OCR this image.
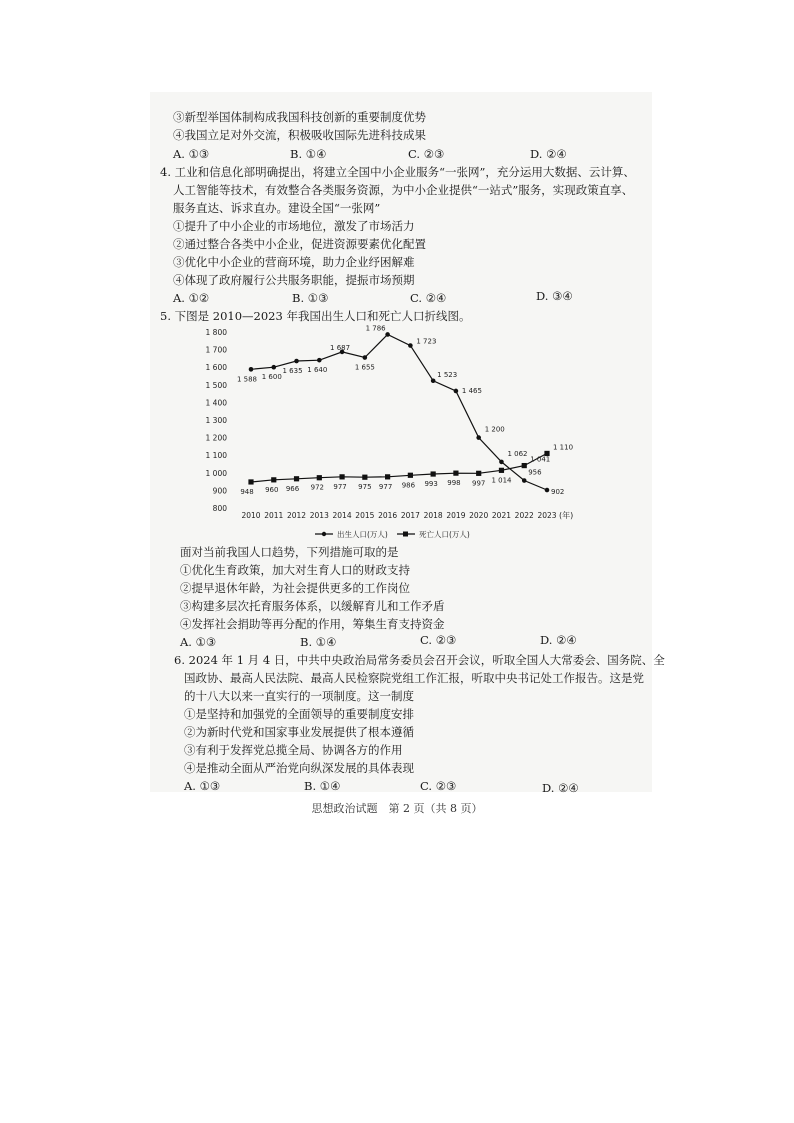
③新型举国体制构成我国科技创新的重要制度优势
④我国立足对外交流，积极吸收国际先进科技成果
A. ①③	B. ①④	C. ②③	D. ②④
4. 工业和信息化部明确提出，将建立全国中小企业服务“一张网”，充分运用大数据、云计算、
人工智能等技术，有效整合各类服务资源，为中小企业提供“一站式”服务，实现政策直享、
服务直达、诉求直办。建设全国“一张网”
①提升了中小企业的市场地位，激发了市场活力
②通过整合各类中小企业，促进资源要素优化配置
③优化中小企业的营商环境，助力企业纾困解难
④体现了政府履行公共服务职能，提振市场预期
A. ①②	B. ①③	C. ②④	D. ③④
5. 下图是 2010—2023 年我国出生人口和死亡人口折线图。
面对当前我国人口趋势，下列措施可取的是
①优化生育政策，加大对生育人口的财政支持
②提早退休年龄，为社会提供更多的工作岗位
③构建多层次托育服务体系，以缓解育儿和工作矛盾
④发挥社会捐助等再分配的作用，筹集生育支持资金
A. ①③	B. ①④	C. ②③	D. ②④
6. 2024 年 1 月 4 日，中共中央政治局常务委员会召开会议，听取全国人大常委会、国务院、全
国政协、最高人民法院、最高人民检察院党组工作汇报，听取中央书记处工作报告。这是党
的十八大以来一直实行的一项制度。这一制度
①是坚持和加强党的全面领导的重要制度安排
②为新时代党和国家事业发展提供了根本遵循
③有利于发挥党总揽全局、协调各方的作用
④是推动全面从严治党向纵深发展的具体表现
A. ①③	B. ①④	C. ②③	D. ②④
800
900
1 000
1 100
1 200
1 300
1 400
1 500
1 600
1 700
1 800
2010 2011 2012 2013 2014 2015 2016 2017 2018 2019 2020 2021 2022 2023 (年)
1 588 1 600
1 635 1 640
1 687
1 655
1 786
1 723
1 523
1 465
1 200
1 062
956
902
948 960 966 972 977 975 977 986 993 998 997 1 014
1 041
1 110
出生人口(万人)	死亡人口(万人)
思想政治试题　第 2 页（共 8 页）
